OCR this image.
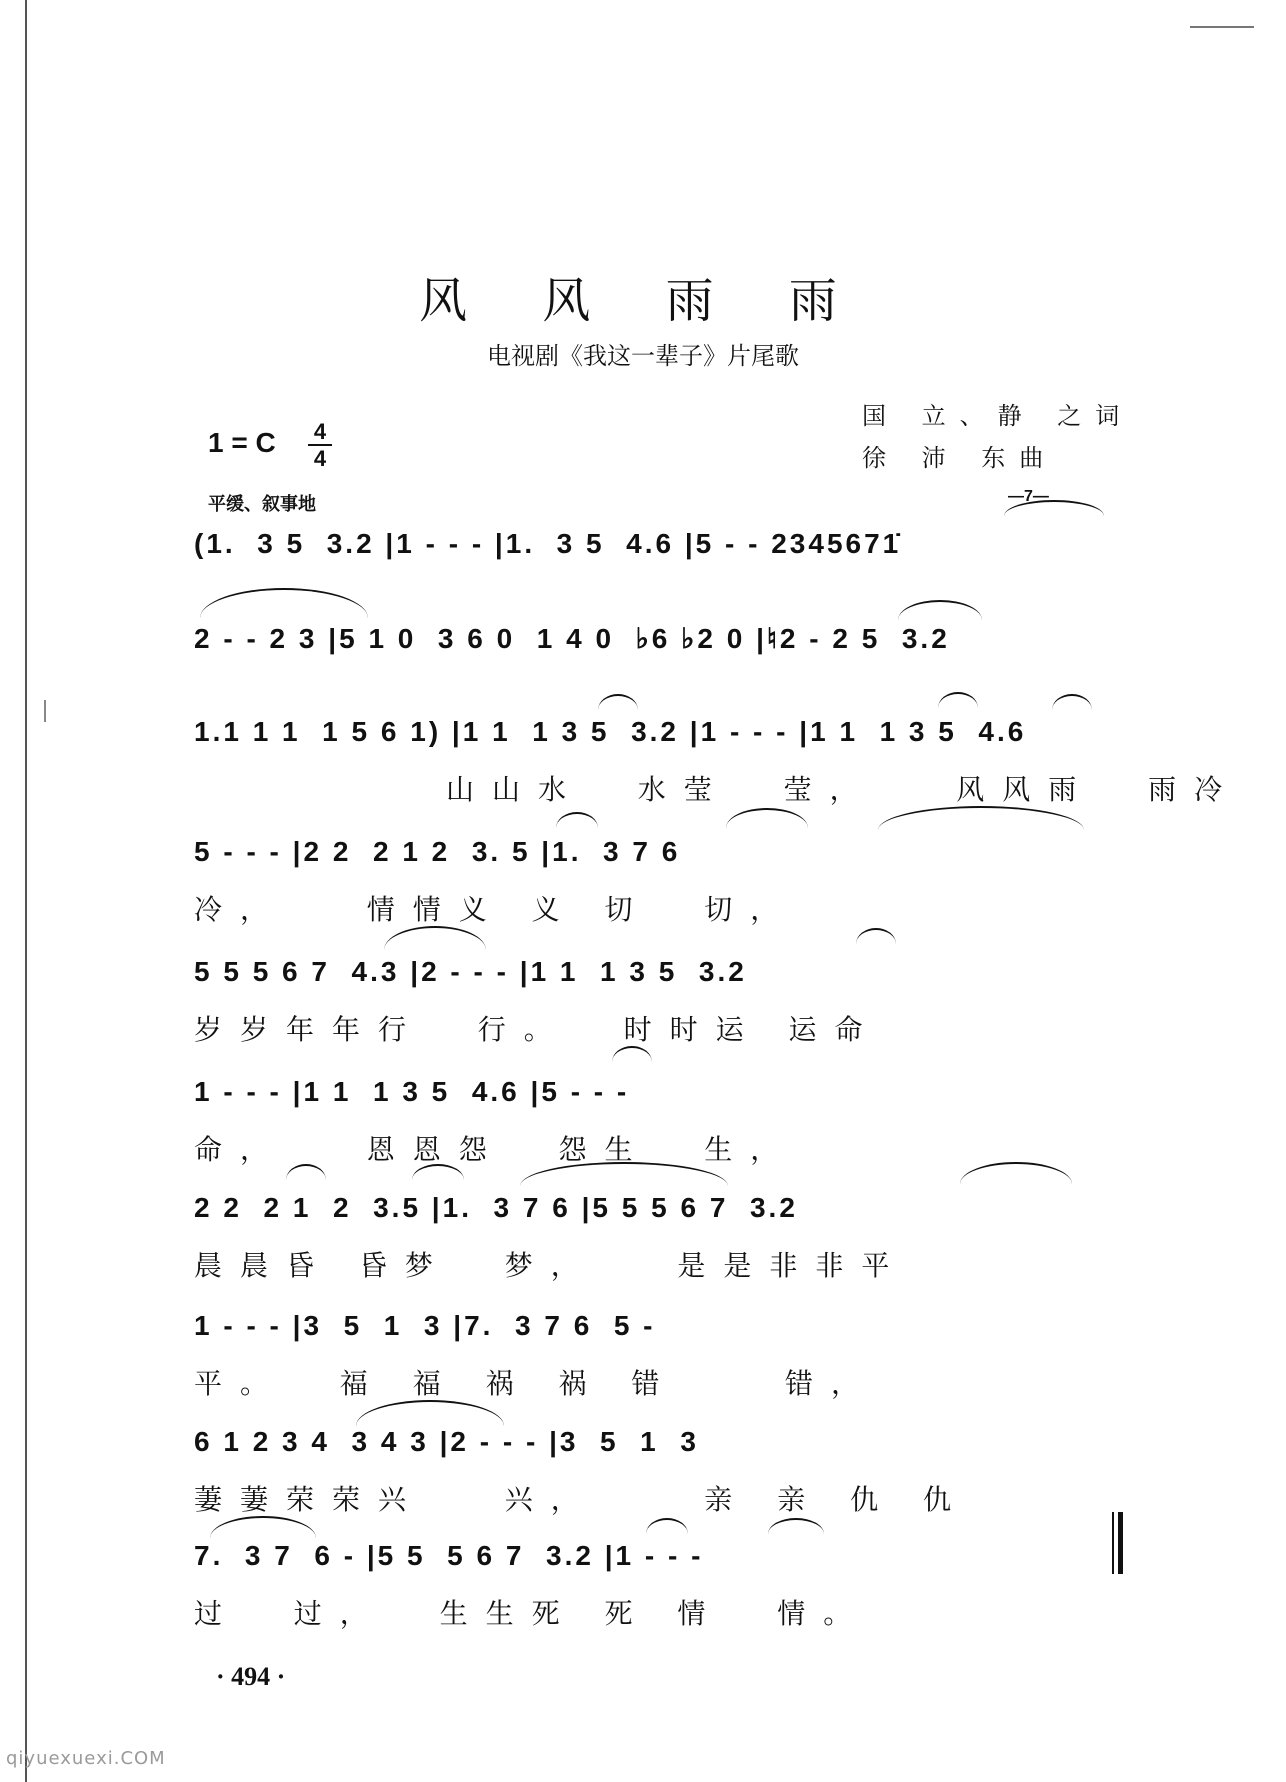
风 风 雨 雨
电视剧《我这一辈子》片尾歌
国 立、静 之词
徐 沛 东曲
1 = C 4
4
平缓、叙事地	—7—
(1.  3 5  3.2 |1 - - - |1.  3 5  4.6 |5 - - 2345671̇
2 - - 2 3 |5 1 0  3 6 0  1 4 0  ♭6 ♭2 0 |♮2 - 2 5  3.2
1.1 1 1  1 5 6 1) |1 1  1 3 5  3.2 |1 - - - |1 1  1 3 5  4.6
山山水  水莹  莹，   风风雨  雨冷
5 - - - |2 2  2 1 2  3. 5 |1.  3 7 6
冷，   情情义 义 切  切，
5 5 5 6 7  4.3 |2 - - - |1 1  1 3 5  3.2
岁岁年年行  行。  时时运 运命
1 - - - |1 1  1 3 5  4.6 |5 - - -
命，   恩恩怨  怨生  生，
2 2  2 1  2  3.5 |1.  3 7 6 |5 5 5 6 7  3.2
晨晨昏 昏梦  梦，   是是非非平
1 - - - |3  5  1  3 |7.  3 7 6  5 -
平。  福 福 祸 祸 错    错，
6 1 2 3 4  3 4 3 |2 - - - |3  5  1  3
萋萋荣荣兴   兴，    亲 亲 仇 仇
7.  3 7  6 - |5 5  5 6 7  3.2 |1 - - -
过  过，  生生死 死 情  情。
· 494 ·
qiyuexuexi.COM
